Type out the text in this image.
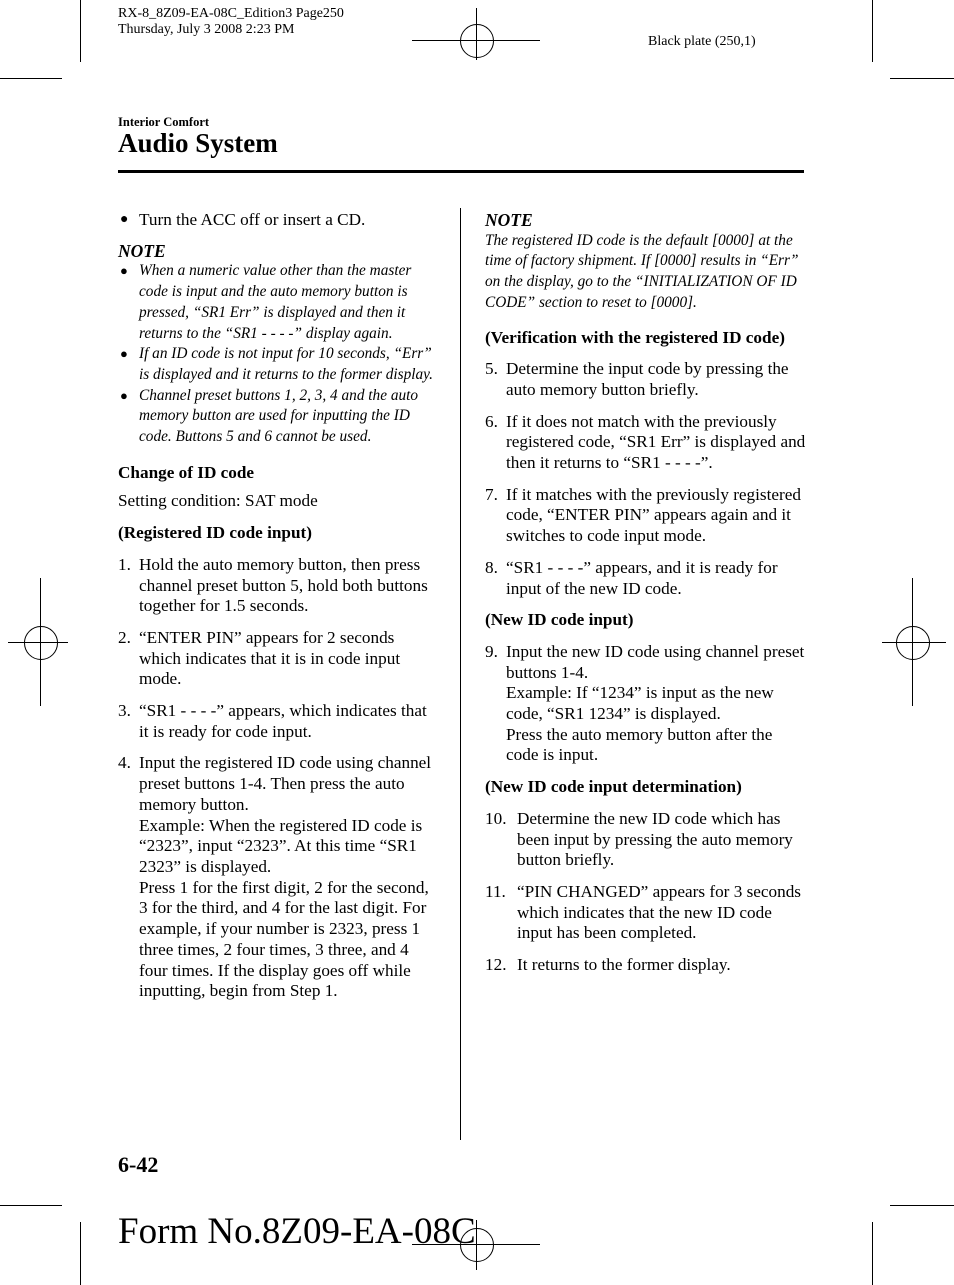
RX-8_8Z09-EA-08C_Edition3 Page250
Thursday, July 3 2008 2:23 PM
Black plate (250,1)
Interior Comfort
Audio System
● Turn the ACC off or insert a CD.
NOTE
● When a numeric value other than the master code is input and the auto memory button is pressed, “SR1 Err” is displayed and then it returns to the “SR1 - - - -” display again.
● If an ID code is not input for 10 seconds, “Err” is displayed and it returns to the former display.
● Channel preset buttons 1, 2, 3, 4 and the auto memory button are used for inputting the ID code. Buttons 5 and 6 cannot be used.

Change of ID code

Setting condition: SAT mode

(Registered ID code input)

1. Hold the auto memory button, then press channel preset button 5, hold both buttons together for 1.5 seconds.
2. “ENTER PIN” appears for 2 seconds which indicates that it is in code input mode.
3. “SR1 - - - -” appears, which indicates that it is ready for code input.
4. Input the registered ID code using channel preset buttons 1-4. Then press the auto memory button.
Example: When the registered ID code is “2323”, input “2323”. At this time “SR1 2323” is displayed.
Press 1 for the first digit, 2 for the second, 3 for the third, and 4 for the last digit. For example, if your number is 2323, press 1 three times, 2 four times, 3 three, and 4 four times. If the display goes off while inputting, begin from Step 1.
NOTE
The registered ID code is the default [0000] at the time of factory shipment. If [0000] results in “Err” on the display, go to the “INITIALIZATION OF ID CODE” section to reset to [0000].

(Verification with the registered ID code)

5. Determine the input code by pressing the auto memory button briefly.
6. If it does not match with the previously registered code, “SR1 Err” is displayed and then it returns to “SR1 - - - -”.
7. If it matches with the previously registered code, “ENTER PIN” appears again and it switches to code input mode.
8. “SR1 - - - -” appears, and it is ready for input of the new ID code.

(New ID code input)

9. Input the new ID code using channel preset buttons 1-4.
Example: If “1234” is input as the new code, “SR1 1234” is displayed.
Press the auto memory button after the code is input.

(New ID code input determination)

10. Determine the new ID code which has been input by pressing the auto memory button briefly.
11. “PIN CHANGED” appears for 3 seconds which indicates that the new ID code input has been completed.
12. It returns to the former display.
6-42
Form No.8Z09-EA-08C
